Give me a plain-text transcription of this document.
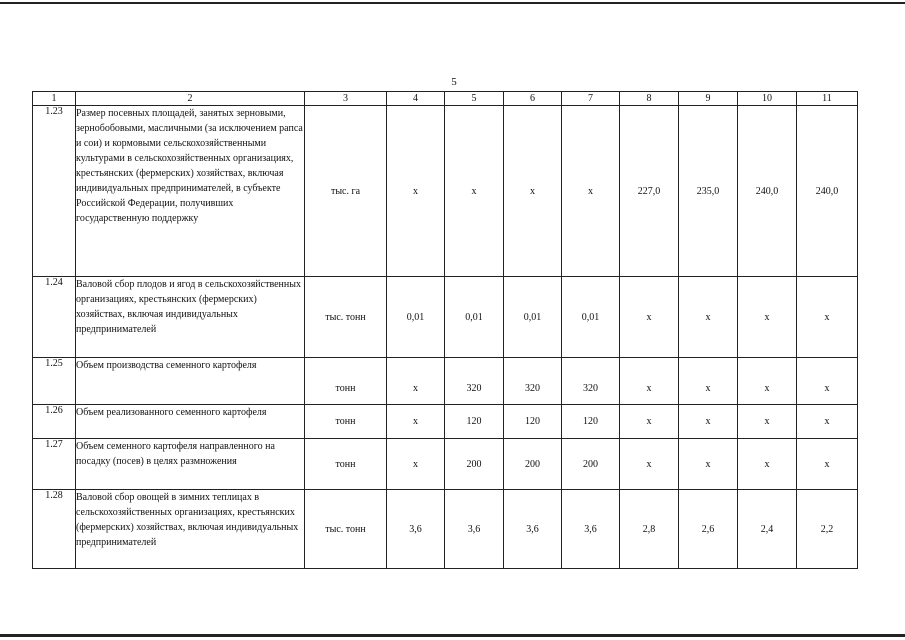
5
1	2	3	4	5	6	7	8	9	10	11
1.23	Размер посевных площадей, занятых зерновыми, зернобобовыми, масличными (за исключением рапса и сои) и кормовыми сельскохозяйственными культурами в сельскохозяйственных организациях, крестьянских (фермерских) хозяйствах, включая индивидуальных предпринимателей, в субъекте Российской Федерации, получивших государственную поддержку	тыс. га	х	х	х	х	227,0	235,0	240,0	240,0
1.24	Валовой сбор плодов и ягод в сельскохозяйственных организациях, крестьянских (фермерских) хозяйствах, включая индивидуальных предпринимателей	тыс. тонн	0,01	0,01	0,01	0,01	х	х	х	х
1.25	Объем производства семенного картофеля	тонн	х	320	320	320	х	х	х	х
1.26	Объем реализованного семенного картофеля	тонн	х	120	120	120	х	х	х	х
1.27	Объем семенного картофеля направленного на посадку (посев) в целях размножения	тонн	х	200	200	200	х	х	х	х
1.28	Валовой сбор овощей в зимних теплицах в сельскохозяйственных организациях, крестьянских (фермерских) хозяйствах, включая индивидуальных предпринимателей	тыс. тонн	3,6	3,6	3,6	3,6	2,8	2,6	2,4	2,2
